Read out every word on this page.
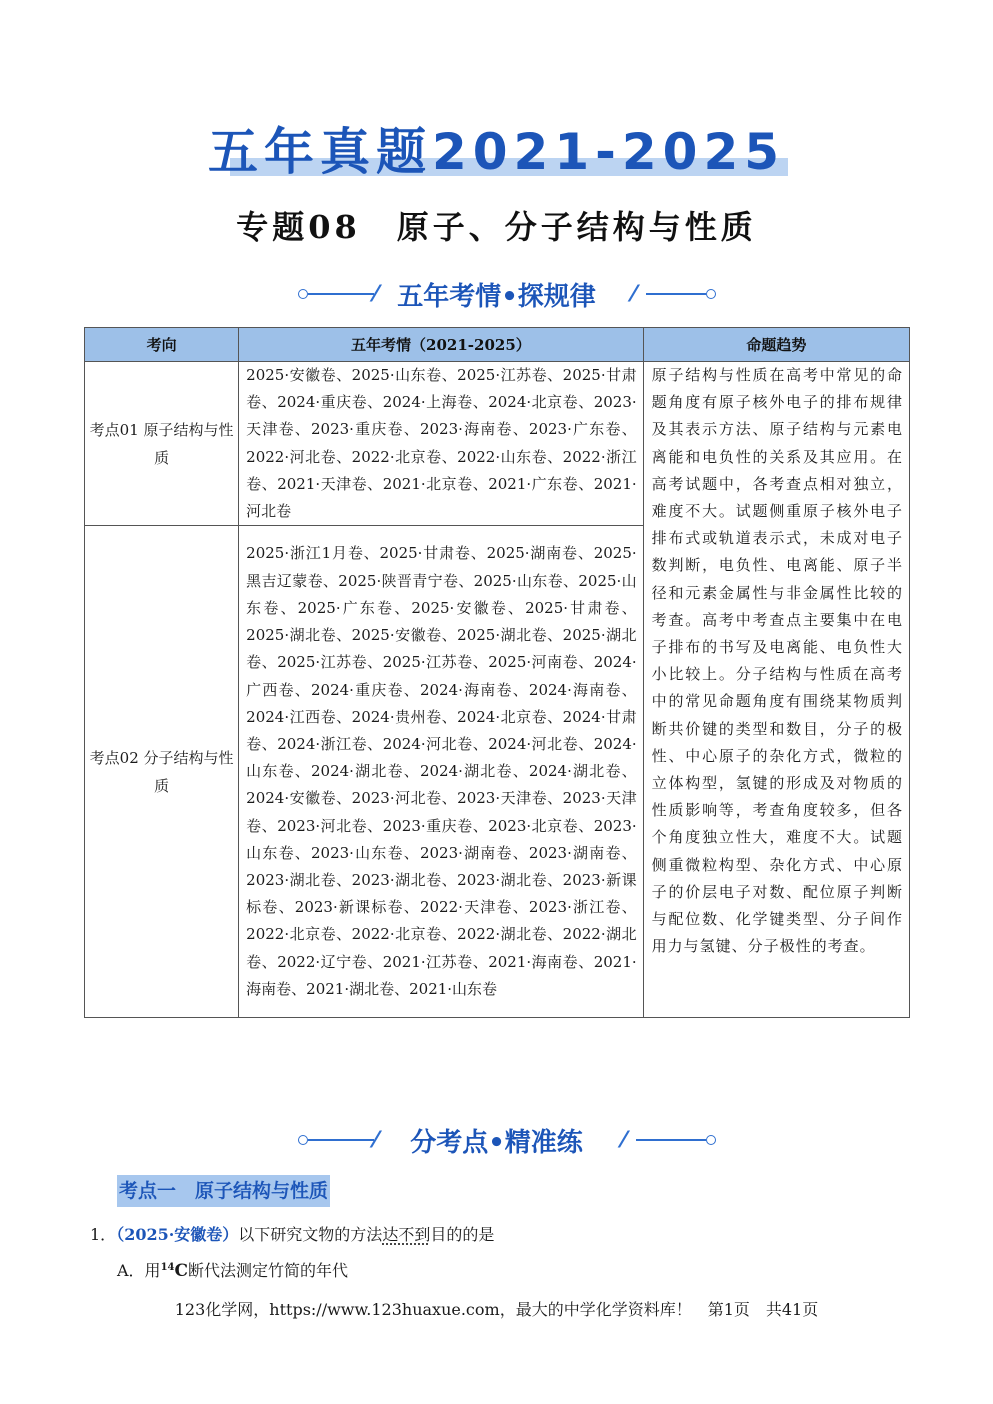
五年真题2021-2025
专题08　原子、分子结构与性质
⁄ 五年考情•探规律	⁄
考向	五年考情（2021-2025）	命题趋势
考点01 原子结构与性质	2025·安徽卷、2025·山东卷、2025·江苏卷、2025·甘肃卷、2024·重庆卷、2024·上海卷、2024·北京卷、2023·天津卷、2023·重庆卷、2023·海南卷、2023·广东卷、2022·河北卷、2022·北京卷、2022·山东卷、2022·浙江卷、2021·天津卷、2021·北京卷、2021·广东卷、2021·河北卷	原子结构与性质在高考中常见的命题角度有原子核外电子的排布规律及其表示方法、原子结构与元素电离能和电负性的关系及其应用。在高考试题中，各考查点相对独立，难度不大。试题侧重原子核外电子排布式或轨道表示式，未成对电子数判断，电负性、电离能、原子半径和元素金属性与非金属性比较的考查。高考中考查点主要集中在电子排布的书写及电离能、电负性大小比较上。分子结构与性质在高考中的常见命题角度有围绕某物质判断共价键的类型和数目，分子的极性、中心原子的杂化方式，微粒的立体构型，氢键的形成及对物质的性质影响等，考查角度较多，但各个角度独立性大，难度不大。试题侧重微粒构型、杂化方式、中心原子的价层电子对数、配位原子判断与配位数、化学键类型、分子间作用力与氢键、分子极性的考查。
考点02 分子结构与性质	2025·浙江1月卷、2025·甘肃卷、2025·湖南卷、2025·黑吉辽蒙卷、2025·陕晋青宁卷、2025·山东卷、2025·山东卷、2025·广东卷、2025·安徽卷、2025·甘肃卷、2025·湖北卷、2025·安徽卷、2025·湖北卷、2025·湖北卷、2025·江苏卷、2025·江苏卷、2025·河南卷、2024·广西卷、2024·重庆卷、2024·海南卷、2024·海南卷、2024·江西卷、2024·贵州卷、2024·北京卷、2024·甘肃卷、2024·浙江卷、2024·河北卷、2024·河北卷、2024·山东卷、2024·湖北卷、2024·湖北卷、2024·湖北卷、2024·安徽卷、2023·河北卷、2023·天津卷、2023·天津卷、2023·河北卷、2023·重庆卷、2023·北京卷、2023·山东卷、2023·山东卷、2023·湖南卷、2023·湖南卷、2023·湖北卷、2023·湖北卷、2023·湖北卷、2023·新课标卷、2023·新课标卷、2022·天津卷、2023·浙江卷、2022·北京卷、2022·北京卷、2022·湖北卷、2022·湖北卷、2022·辽宁卷、2021·江苏卷、2021·海南卷、2021·海南卷、2021·湖北卷、2021·山东卷	
⁄	分考点•精准练	⁄
考点一　原子结构与性质
1．（2025·安徽卷）以下研究文物的方法达不到目的的是
A．用$^{14}$C断代法测定竹简的年代
123化学网，https://www.123huaxue.com，最大的中学化学资料库！　第1页　共41页
